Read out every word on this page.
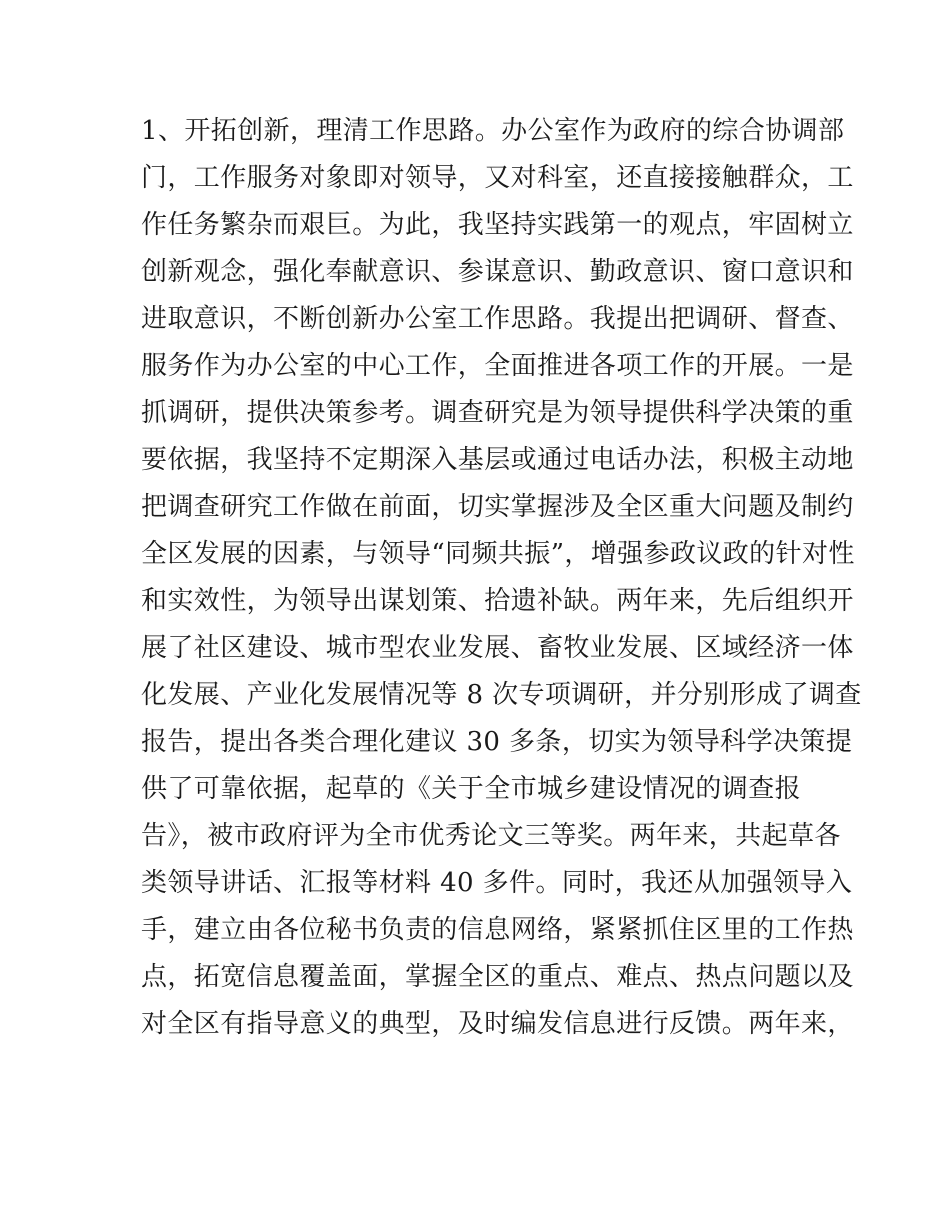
1、开拓创新，理清工作思路。办公室作为政府的综合协调部
门，工作服务对象即对领导，又对科室，还直接接触群众，工
作任务繁杂而艰巨。为此，我坚持实践第一的观点，牢固树立
创新观念，强化奉献意识、参谋意识、勤政意识、窗口意识和
进取意识，不断创新办公室工作思路。我提出把调研、督查、
服务作为办公室的中心工作，全面推进各项工作的开展。一是
抓调研，提供决策参考。调查研究是为领导提供科学决策的重
要依据，我坚持不定期深入基层或通过电话办法，积极主动地
把调查研究工作做在前面，切实掌握涉及全区重大问题及制约
全区发展的因素，与领导“同频共振”，增强参政议政的针对性
和实效性，为领导出谋划策、拾遗补缺。两年来，先后组织开
展了社区建设、城市型农业发展、畜牧业发展、区域经济一体
化发展、产业化发展情况等 8 次专项调研，并分别形成了调查
报告，提出各类合理化建议 30 多条，切实为领导科学决策提
供了可靠依据，起草的《关于全市城乡建设情况的调查报
告》，被市政府评为全市优秀论文三等奖。两年来，共起草各
类领导讲话、汇报等材料 40 多件。同时，我还从加强领导入
手，建立由各位秘书负责的信息网络，紧紧抓住区里的工作热
点，拓宽信息覆盖面，掌握全区的重点、难点、热点问题以及
对全区有指导意义的典型，及时编发信息进行反馈。两年来，
